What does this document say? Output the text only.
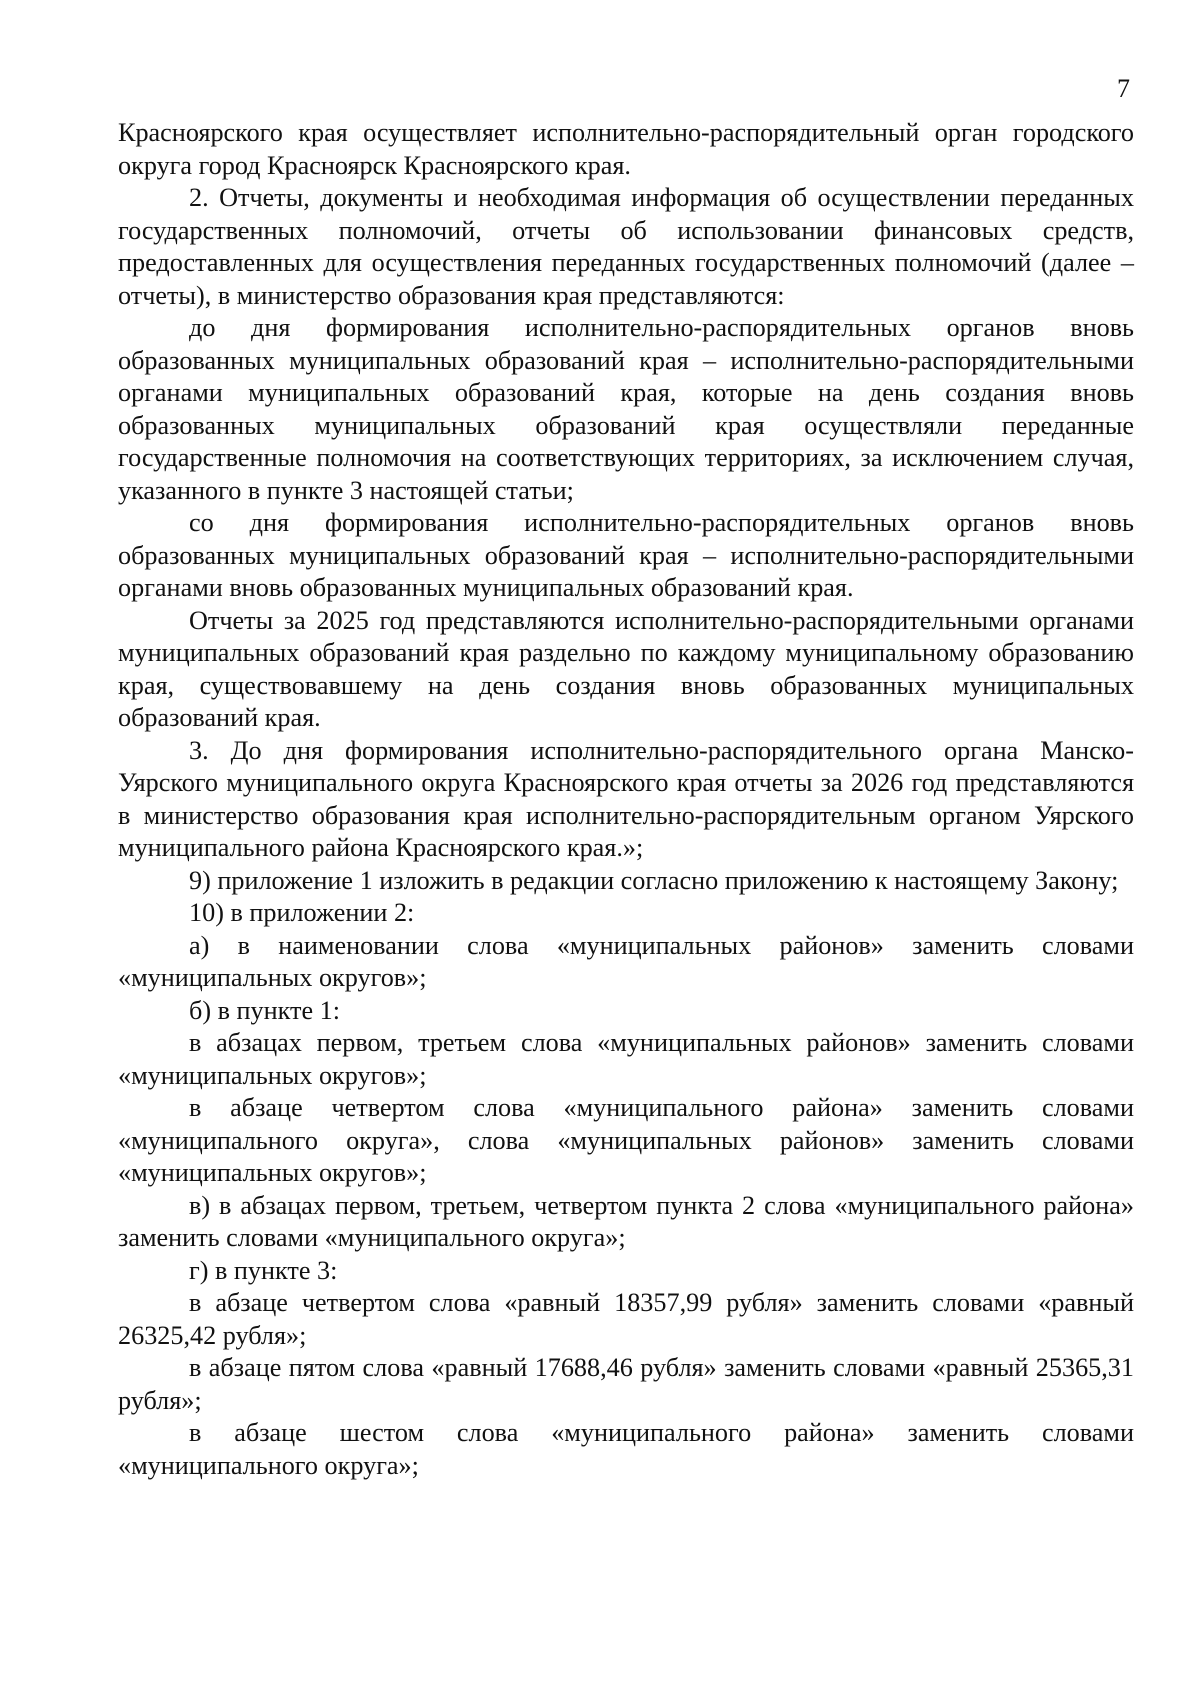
7

Красноярского края осуществляет исполнительно-распорядительный орган городского округа город Красноярск Красноярского края.

2. Отчеты, документы и необходимая информация об осуществлении переданных государственных полномочий, отчеты об использовании финансовых средств, предоставленных для осуществления переданных государственных полномочий (далее – отчеты), в министерство образования края представляются:

до дня формирования исполнительно-распорядительных органов вновь образованных муниципальных образований края – исполнительно-распорядительными органами муниципальных образований края, которые на день создания вновь образованных муниципальных образований края осуществляли переданные государственные полномочия на соответствующих территориях, за исключением случая, указанного в пункте 3 настоящей статьи;

со дня формирования исполнительно-распорядительных органов вновь образованных муниципальных образований края – исполнительно-распорядительными органами вновь образованных муниципальных образований края.

Отчеты за 2025 год представляются исполнительно-распорядительными органами муниципальных образований края раздельно по каждому муниципальному образованию края, существовавшему на день создания вновь образованных муниципальных образований края.

3. До дня формирования исполнительно-распорядительного органа Манско-Уярского муниципального округа Красноярского края отчеты за 2026 год представляются в министерство образования края исполнительно-распорядительным органом Уярского муниципального района Красноярского края.»;

9) приложение 1 изложить в редакции согласно приложению к настоящему Закону;

10) в приложении 2:

а) в наименовании слова «муниципальных районов» заменить словами «муниципальных округов»;

б) в пункте 1:

в абзацах первом, третьем слова «муниципальных районов» заменить словами «муниципальных округов»;

в абзаце четвертом слова «муниципального района» заменить словами «муниципального округа», слова «муниципальных районов» заменить словами «муниципальных округов»;

в) в абзацах первом, третьем, четвертом пункта 2 слова «муниципального района» заменить словами «муниципального округа»;

г) в пункте 3:

в абзаце четвертом слова «равный 18357,99 рубля» заменить словами «равный 26325,42 рубля»;

в абзаце пятом слова «равный 17688,46 рубля» заменить словами «равный 25365,31 рубля»;

в абзаце шестом слова «муниципального района» заменить словами «муниципального округа»;
